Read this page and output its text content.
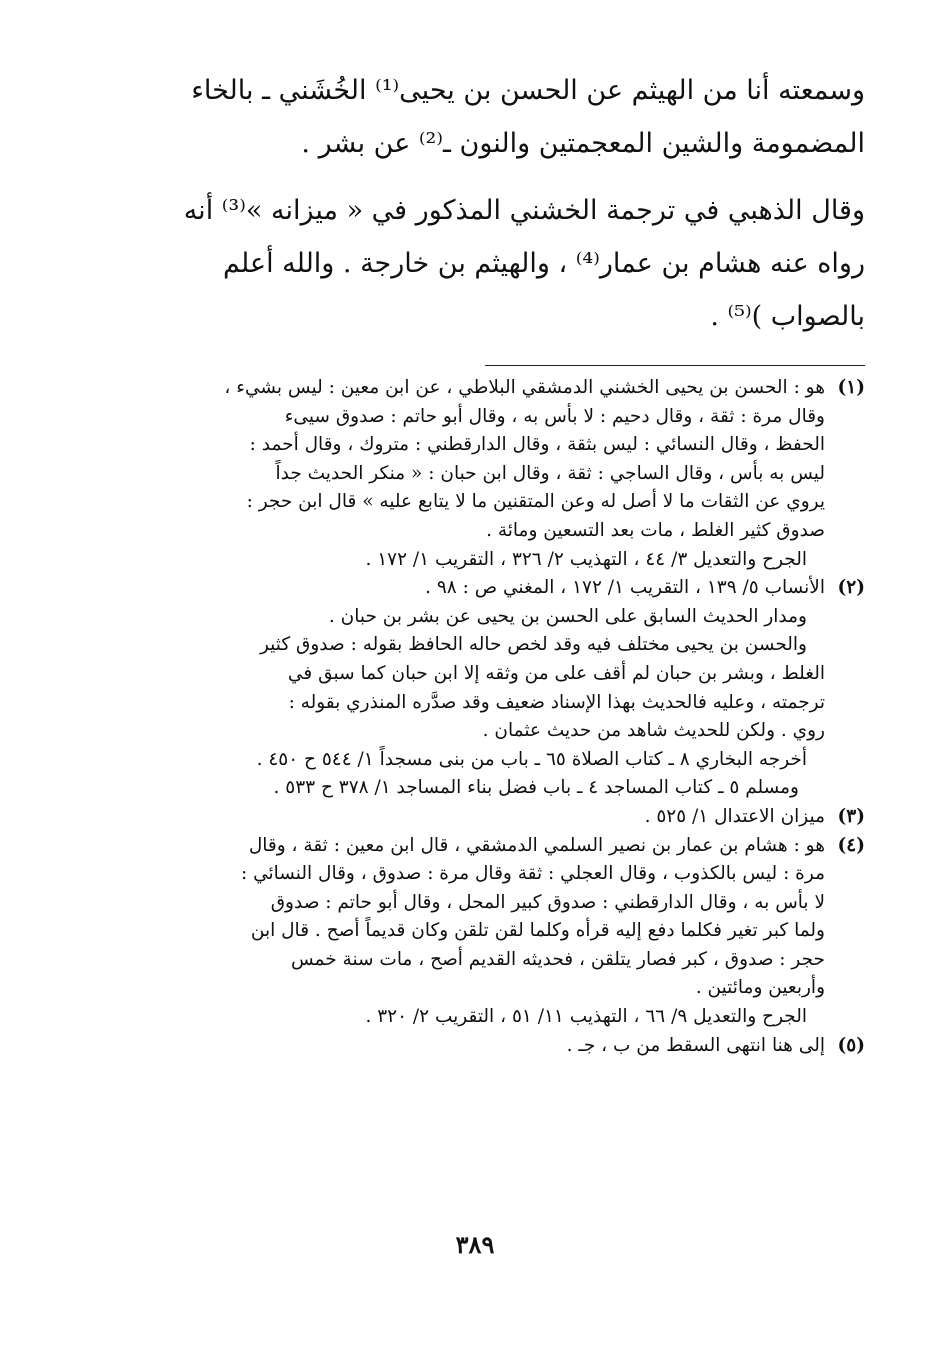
وسمعته أنا من الهيثم عن الحسن بن يحيى⁽¹⁾ الخُشَني ـ بالخاء
المضمومة والشين المعجمتين والنون ـ⁽²⁾ عن بشر .

وقال الذهبي في ترجمة الخشني المذكور في « ميزانه »⁽³⁾ أنه
رواه عنه هشام بن عمار⁽⁴⁾ ، والهيثم بن خارجة . والله أعلم
بالصواب )⁽⁵⁾ .

(١)
هو : الحسن بن يحيى الخشني الدمشقي البلاطي ، عن ابن معين : ليس بشيء ،
وقال مرة : ثقة ، وقال دحيم : لا بأس به ، وقال أبو حاتم : صدوق سيىء
الحفظ ، وقال النسائي : ليس بثقة ، وقال الدارقطني : متروك ، وقال أحمد :
ليس به بأس ، وقال الساجي : ثقة ، وقال ابن حبان : « منكر الحديث جداً
يروي عن الثقات ما لا أصل له وعن المتقنين ما لا يتابع عليه » قال ابن حجر :
صدوق كثير الغلط ، مات بعد التسعين ومائة .
الجرح والتعديل ٣/ ٤٤ ، التهذيب ٢/ ٣٢٦ ، التقريب ١/ ١٧٢ .
(٢)
الأنساب ٥/ ١٣٩ ، التقريب ١/ ١٧٢ ، المغني ص : ٩٨ .
ومدار الحديث السابق على الحسن بن يحيى عن بشر بن حبان .
والحسن بن يحيى مختلف فيه وقد لخص حاله الحافظ بقوله : صدوق كثير
الغلط ، وبشر بن حبان لم أقف على من وثقه إلا ابن حبان كما سبق في
ترجمته ، وعليه فالحديث بهذا الإسناد ضعيف وقد صدَّره المنذري بقوله :
روي . ولكن للحديث شاهد من حديث عثمان .
أخرجه البخاري ٨ ـ كتاب الصلاة ٦٥ ـ باب من بنى مسجداً ١/ ٥٤٤ ح ٤٥٠ .
ومسلم ٥ ـ كتاب المساجد ٤ ـ باب فضل بناء المساجد ١/ ٣٧٨ ح ٥٣٣ .
(٣)
ميزان الاعتدال ١/ ٥٢٥ .
(٤)
هو : هشام بن عمار بن نصير السلمي الدمشقي ، قال ابن معين : ثقة ، وقال
مرة : ليس بالكذوب ، وقال العجلي : ثقة وقال مرة : صدوق ، وقال النسائي :
لا بأس به ، وقال الدارقطني : صدوق كبير المحل ، وقال أبو حاتم : صدوق
ولما كبر تغير فكلما دفع إليه قرأه وكلما لقن تلقن وكان قديماً أصح . قال ابن
حجر : صدوق ، كبر فصار يتلقن ، فحديثه القديم أصح ، مات سنة خمس
وأربعين ومائتين .
الجرح والتعديل ٩/ ٦٦ ، التهذيب ١١/ ٥١ ، التقريب ٢/ ٣٢٠ .
(٥)
إلى هنا انتهى السقط من ب ، جـ .
٣٨٩
